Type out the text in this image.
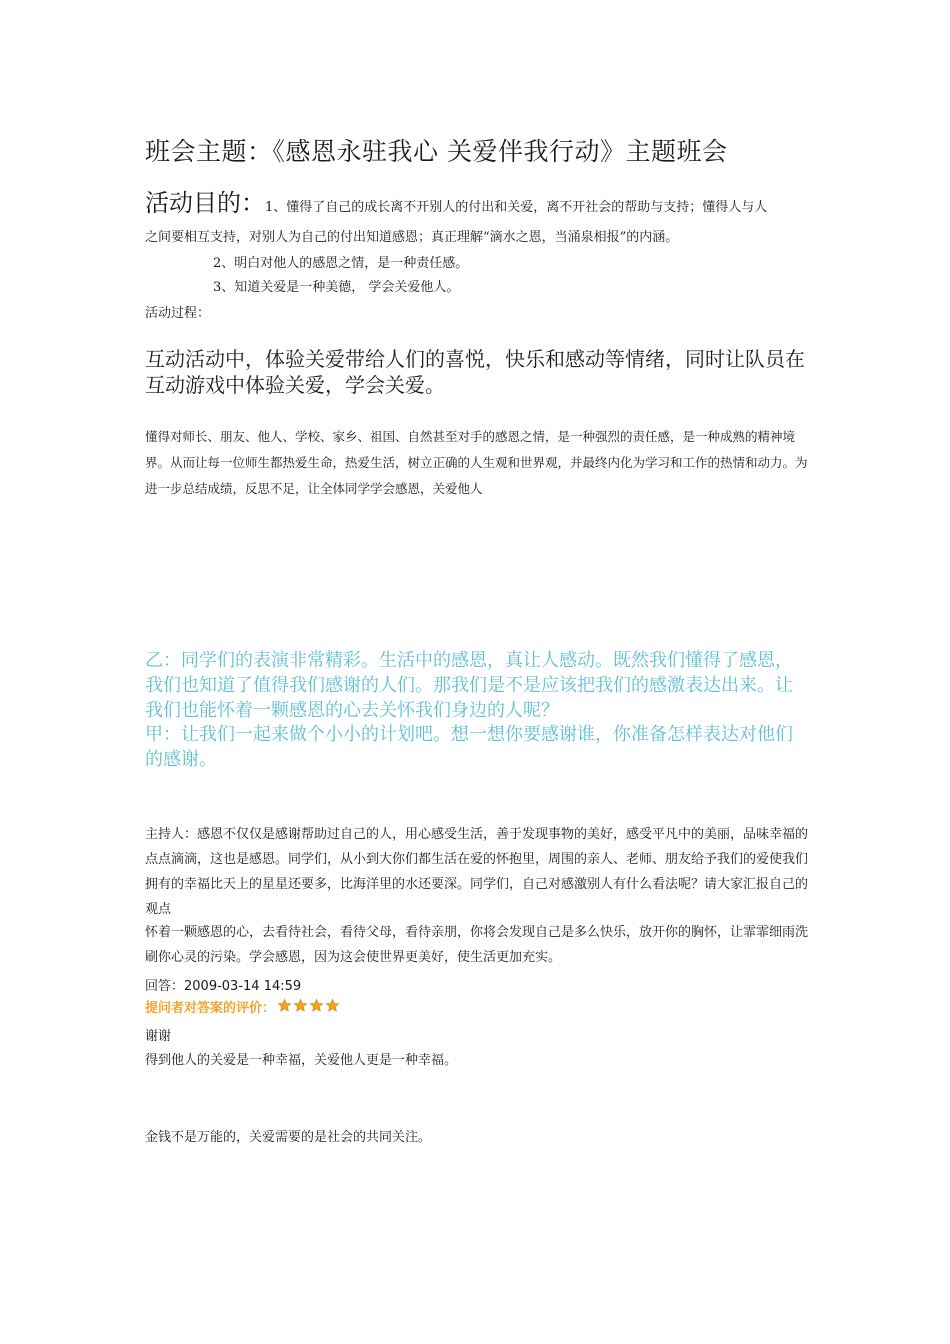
班会主题：《感恩永驻我心 关爱伴我行动》主题班会
活动目的：1、懂得了自己的成长离不开别人的付出和关爱，离不开社会的帮助与支持；懂得人与人
之间要相互支持，对别人为自己的付出知道感恩；真正理解“滴水之恩，当涌泉相报”的内涵。
2、明白对他人的感恩之情，是一种责任感。
3、知道关爱是一种美德， 学会关爱他人。
活动过程：
互动活动中，体验关爱带给人们的喜悦，快乐和感动等情绪，同时让队员在互动游戏中体验关爱，学会关爱。
懂得对师长、朋友、他人、学校、家乡、祖国、自然甚至对手的感恩之情，是一种强烈的责任感，是一种成熟的精神境界。从而让每一位师生都热爱生命，热爱生活，树立正确的人生观和世界观，并最终内化为学习和工作的热情和动力。为进一步总结成绩，反思不足，让全体同学学会感恩，关爱他人
乙：同学们的表演非常精彩。生活中的感恩，真让人感动。既然我们懂得了感恩，我们也知道了值得我们感谢的人们。那我们是不是应该把我们的感激表达出来。让我们也能怀着一颗感恩的心去关怀我们身边的人呢？
甲：让我们一起来做个小小的计划吧。想一想你要感谢谁，你准备怎样表达对他们的感谢。
主持人：感恩不仅仅是感谢帮助过自己的人，用心感受生活，善于发现事物的美好，感受平凡中的美丽，品味幸福的点点滴滴，这也是感恩。同学们，从小到大你们都生活在爱的怀抱里，周围的亲人、老师、朋友给予我们的爱使我们拥有的幸福比天上的星星还要多，比海洋里的水还要深。同学们，自己对感激别人有什么看法呢？请大家汇报自己的观点
怀着一颗感恩的心，去看待社会，看待父母，看待亲朋，你将会发现自己是多么快乐，放开你的胸怀，让霏霏细雨洗刷你心灵的污染。学会感恩，因为这会使世界更美好，使生活更加充实。
回答：2009-03-14 14:59
提问者对答案的评价：
谢谢
得到他人的关爱是一种幸福，关爱他人更是一种幸福。
金钱不是万能的，关爱需要的是社会的共同关注。
